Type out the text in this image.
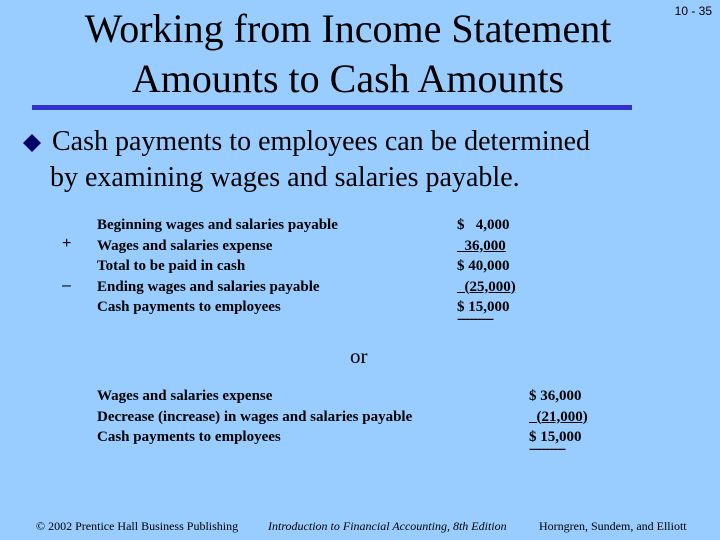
Working from Income Statement
Amounts to Cash Amounts
10 - 35
Cash payments to employees can be determined
by examining wages and salaries payable.
+
–
Beginning wages and salaries payable
Wages and salaries expense
Total to be paid in cash
Ending wages and salaries payable
Cash payments to employees
$   4,000
36,000
$ 40,000
(25,000)
$ 15,000
---------
or
Wages and salaries expense
Decrease (increase) in wages and salaries payable
Cash payments to employees
$ 36,000
(21,000)
$ 15,000
---------
© 2002 Prentice Hall Business Publishing Introduction to Financial Accounting, 8th Edition	Horngren, Sundem, and Elliott
